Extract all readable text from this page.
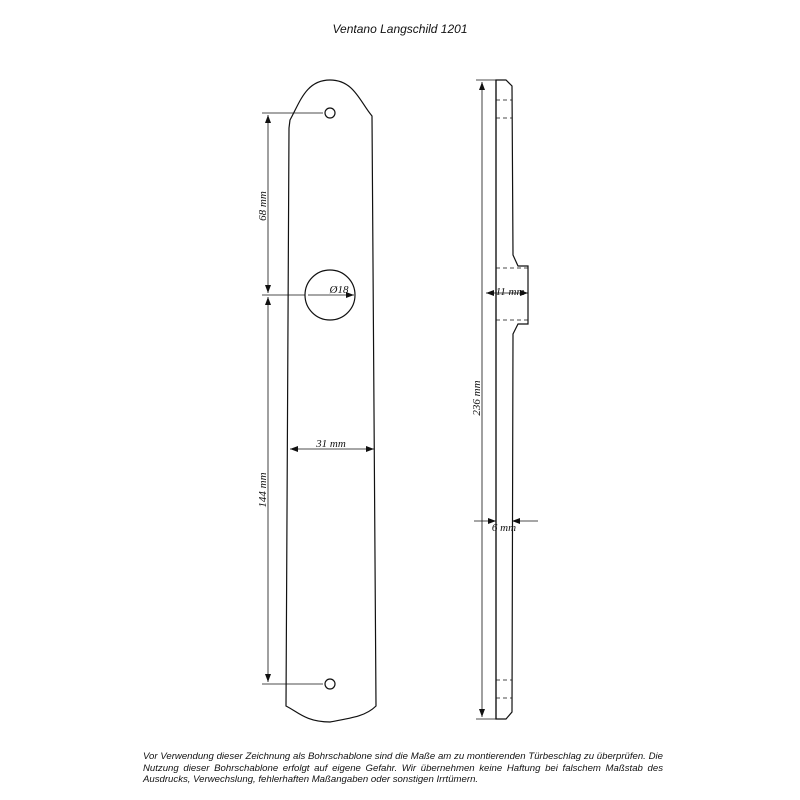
Ventano Langschild 1201
68 mm
144 mm
31 mm
Ø18
236 mm
11 mm
6 mm
Vor Verwendung dieser Zeichnung als Bohrschablone sind die Maße am zu montierenden Türbeschlag zu überprüfen. Die Nutzung dieser Bohrschablone erfolgt auf eigene Gefahr. Wir übernehmen keine Haftung bei falschem Maßstab des Ausdrucks, Verwechslung, fehlerhaften Maßangaben oder sonstigen Irrtümern.
